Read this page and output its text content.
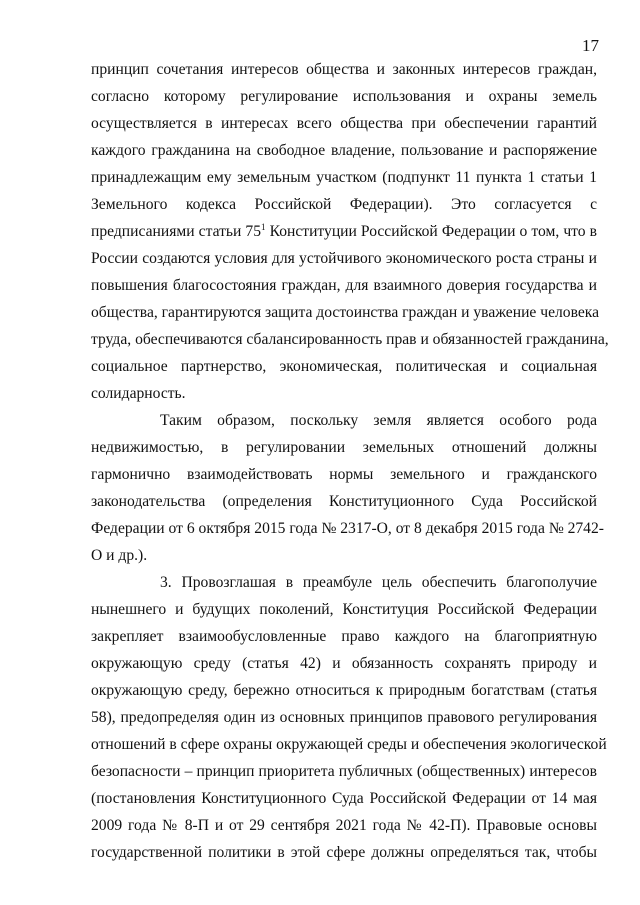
17
принцип сочетания интересов общества и законных интересов граждан,
согласно которому регулирование использования и охраны земель
осуществляется в интересах всего общества при обеспечении гарантий
каждого гражданина на свободное владение, пользование и распоряжение
принадлежащим ему земельным участком (подпункт 11 пункта 1 статьи 1
Земельного кодекса Российской Федерации). Это согласуется с
предписаниями статьи $75^1$ Конституции Российской Федерации о том, что в
России создаются условия для устойчивого экономического роста страны и
повышения благосостояния граждан, для взаимного доверия государства и
общества, гарантируются защита достоинства граждан и уважение человека
труда, обеспечиваются сбалансированность прав и обязанностей гражданина,
социальное партнерство, экономическая, политическая и социальная
солидарность.
Таким образом, поскольку земля является особого рода
недвижимостью, в регулировании земельных отношений должны
гармонично взаимодействовать нормы земельного и гражданского
законодательства (определения Конституционного Суда Российской
Федерации от 6 октября 2015 года № 2317-О, от 8 декабря 2015 года № 2742-
О и др.).
3. Провозглашая в преамбуле цель обеспечить благополучие
нынешнего и будущих поколений, Конституция Российской Федерации
закрепляет взаимообусловленные право каждого на благоприятную
окружающую среду (статья 42) и обязанность сохранять природу и
окружающую среду, бережно относиться к природным богатствам (статья
58), предопределяя один из основных принципов правового регулирования
отношений в сфере охраны окружающей среды и обеспечения экологической
безопасности – принцип приоритета публичных (общественных) интересов
(постановления Конституционного Суда Российской Федерации от 14 мая
2009 года № 8-П и от 29 сентября 2021 года № 42-П). Правовые основы
государственной политики в этой сфере должны определяться так, чтобы
